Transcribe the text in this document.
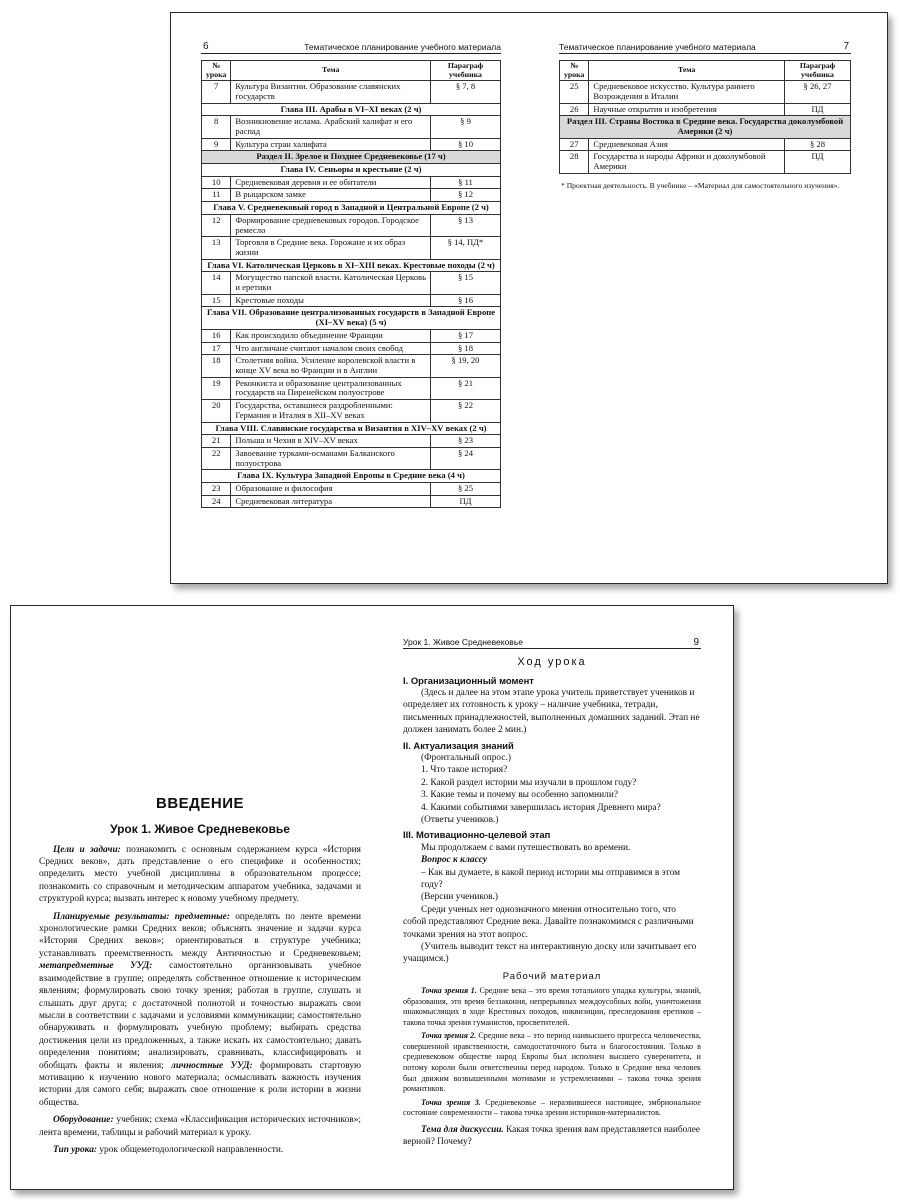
6	Тематическое планирование учебного материала
№ урока	Тема	Параграф учебника
7	Культура Византии. Образование славянских государств	§ 7, 8
Глава III. Арабы в VI–XI веках (2 ч)		
8	Возникновение ислама. Арабский халифат и его распад	§ 9
9	Культура стран халифата	§ 10
Раздел II. Зрелое и Позднее Средневековье (17 ч)		
Глава IV. Сеньоры и крестьяне (2 ч)		
10	Средневековая деревня и ее обитатели	§ 11
11	В рыцарском замке	§ 12
Глава V. Средневековый город в Западной и Центральной Европе (2 ч)		
12	Формирование средневековых городов. Городское ремесло	§ 13
13	Торговля в Средние века. Горожане и их образ жизни	§ 14, ПД*
Глава VI. Католическая Церковь в XI–XIII веках. Крестовые походы (2 ч)		
14	Могущество папской власти. Католическая Церковь и еретики	§ 15
15	Крестовые походы	§ 16
Глава VII. Образование централизованных государств в Западной Европе (XI–XV века) (5 ч)		
16	Как происходило объединение Франции	§ 17
17	Что англичане считают началом своих свобод	§ 18
18	Столетняя война. Усиление королевской власти в конце XV века во Франции и в Англии	§ 19, 20
19	Реконкиста и образование централизованных государств на Пиренейском полуострове	§ 21
20	Государства, оставшиеся раздробленными: Германия и Италия в XII–XV веках	§ 22
Глава VIII. Славянские государства и Византия в XIV–XV веках (2 ч)		
21	Польша и Чехия в XIV–XV веках	§ 23
22	Завоевание турками-османами Балканского полуострова	§ 24
Глава IX. Культура Западной Европы в Средние века (4 ч)		
23	Образование и философия	§ 25
24	Средневековая литература	ПД
Тематическое планирование учебного материала	7
№ урока	Тема	Параграф учебника
25	Средневековое искусство. Культура раннего Возрождения в Италии	§ 26, 27
26	Научные открытия и изобретения	ПД
Раздел III. Страны Востока в Средние века. Государства доколумбовой Америки (2 ч)		
27	Средневековая Азия	§ 28
28	Государства и народы Африки и доколумбовой Америки	ПД
* Проектная деятельность. В учебнике – «Материал для самостоятельного изучения».
ВВЕДЕНИЕ
Урок 1. Живое Средневековье

Цели и задачи: познакомить с основным содержанием курса «История Средних веков», дать представление о его специфике и особенностях; определить место учебной дисциплины в образовательном процессе; познакомить со справочным и методическим аппаратом учебника, задачами и структурой курса; вызвать интерес к новому учебному предмету.

Планируемые результаты: предметные: определять по ленте времени хронологические рамки Средних веков; объяснять значение и задачи курса «История Средних веков»; ориентироваться в структуре учебника; устанавливать преемственность между Античностью и Средневековьем; метапредметные УУД: самостоятельно организовывать учебное взаимодействие в группе; определять собственное отношение к историческим явлениям; формулировать свою точку зрения; работая в группе, слушать и слышать друг друга; с достаточной полнотой и точностью выражать свои мысли в соответствии с задачами и условиями коммуникации; самостоятельно обнаруживать и формулировать учебную проблему; выбирать средства достижения цели из предложенных, а также искать их самостоятельно; давать определения понятиям; анализировать, сравнивать, классифицировать и обобщать факты и явления; личностные УУД: формировать стартовую мотивацию к изучению нового материала; осмысливать важность изучения истории для самого себя; выражать свое отношение к роли истории в жизни общества.

Оборудование: учебник; схема «Классификация исторических источников»; лента времени, таблицы и рабочий материал к уроку.

Тип урока: урок общеметодологической направленности.

Урок 1. Живое Средневековье	9
Ход урока
I. Организационный момент

(Здесь и далее на этом этапе урока учитель приветствует учеников и определяет их готовность к уроку – наличие учебника, тетради, письменных принадлежностей, выполненных домашних заданий. Этап не должен занимать более 2 мин.)

II. Актуализация знаний

(Фронтальный опрос.)

1. Что такое история?

2. Какой раздел истории мы изучали в прошлом году?

3. Какие темы и почему вы особенно запомнили?

4. Какими событиями завершилась история Древнего мира?

(Ответы учеников.)

III. Мотивационно-целевой этап

Мы продолжаем с вами путешествовать во времени.

Вопрос к классу

– Как вы думаете, в какой период истории мы отправимся в этом году?

(Версии учеников.)

Среди ученых нет однозначного мнения относительно того, что собой представляют Средние века. Давайте познакомимся с различными точками зрения на этот вопрос.

(Учитель выводит текст на интерактивную доску или зачитывает его учащимся.)

Рабочий материал

Точка зрения 1. Средние века – это время тотального упадка культуры, знаний, образования, это время беззакония, непрерывных междоусобных войн, уничтожения инакомыслящих в ходе Крестовых походов, инквизиции, преследования еретиков – такова точка зрения гуманистов, просветителей.

Точка зрения 2. Средние века – это период наивысшего прогресса человечества, совершенной нравственности, самодостаточного быта и благосостояния. Только в средневековом обществе народ Европы был исполнен высшего суверенитета, и потому короли были ответственны перед народом. Только в Средние века человек был движим возвышенными мотивами и устремлениями – такова точка зрения романтиков.

Точка зрения 3. Средневековье – неразвившееся настоящее, эмбриональное состояние современности – такова точка зрения историков-материалистов.

Тема для дискуссии. Какая точка зрения вам представляется наиболее верной? Почему?
